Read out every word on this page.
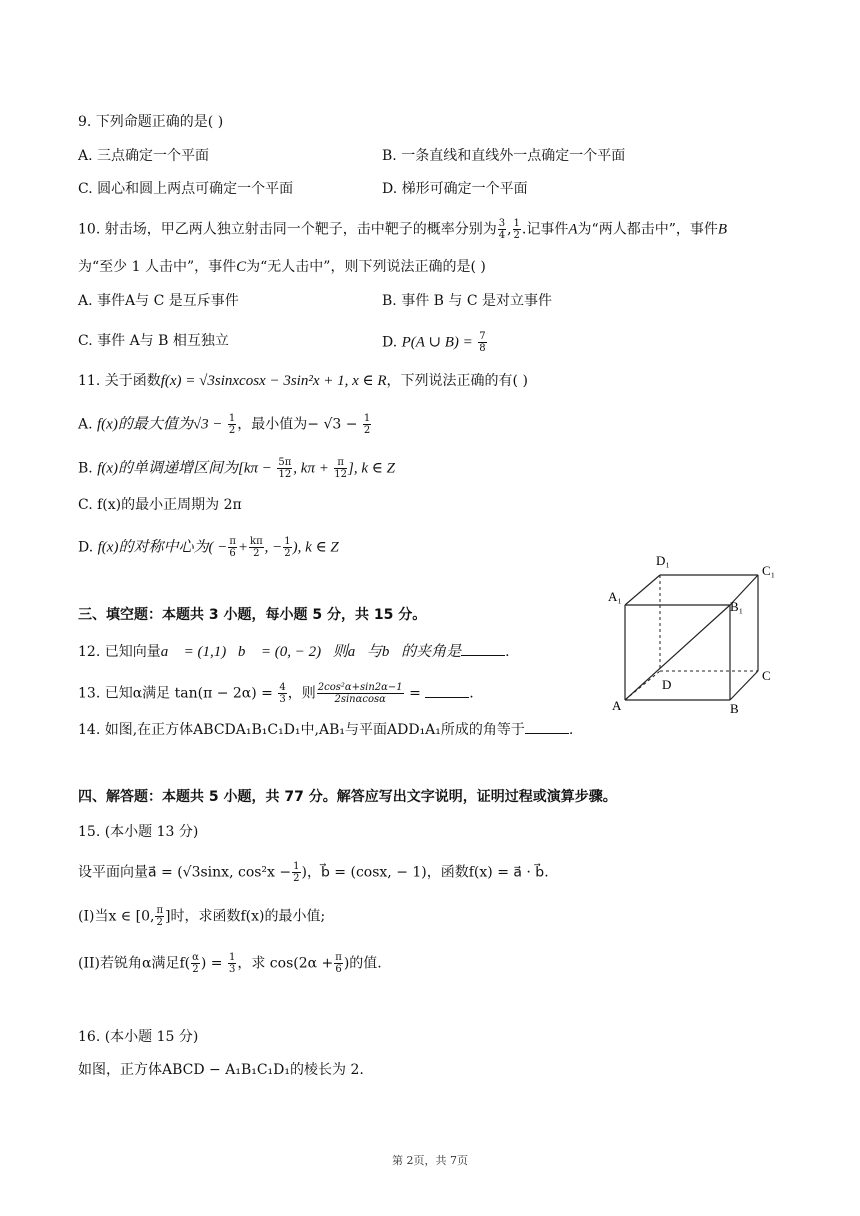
9. 下列命题正确的是( )
A. 三点确定一个平面	B. 一条直线和直线外一点确定一个平面
C. 圆心和圆上两点可确定一个平面	D. 梯形可确定一个平面
10. 射击场，甲乙两人独立射击同一个靶子，击中靶子的概率分别为 $\frac{3}{4}$ , $\frac{1}{2}$ .记事件A为“两人都击中”，事件B
为“至少 1 人击中”，事件C为“无人击中”，则下列说法正确的是( )
A. 事件A与 C 是互斥事件	B. 事件 B 与 C 是对立事件
C. 事件 A与 B 相互独立	D. P(A ∪ $B) = \frac{7}{8}$
11. 关于函数f(x) = √3sinxcosx − 3sin²x + 1, x ∈ R，下列说法正确的有( )
A. f(x)的最大值为$√3 - \frac{1}{2}$ ，最小值为− $√3 - \frac{1}{2}$
B. f(x)的单调递增区间为[$k\pi - \frac{5\pi}{12}$ , $k\pi + \frac{\pi}{12}$ ], k ∈ Z
C. f(x)的最小正周期为 2π
D. f(x)的对称中心为( − $\frac{\pi}{6} + \frac{k\pi}{2}$ , − $\frac{1}{2}$ ), k ∈ Z
D₁
C₁
A₁
B₁
D
C
A	B
三、填空题：本题共 3 小题，每小题 5 分，共 15 分。
12. 已知向量a⃗ = (1,1)，b⃗ = (0, − 2)，则a⃗与b⃗的夹角是	.
13. 已知α满足 $\tan(\pi - 2\alpha) = \frac{4}{3}$ ，则 $\frac{\text{2cos²α+sin2α−1}}{2\sin\alpha\cos\alpha}$ =	.
14. 如图,在正方体ABCDA₁B₁C₁D₁中,AB₁与平面ADD₁A₁所成的角等于	.
四、解答题：本题共 5 小题，共 77 分。解答应写出文字说明，证明过程或演算步骤。
15. (本小题 13 分)
设平面向量a⃗ = (√3sinx, $\cos^2x - \frac{1}{2}$ )，b⃗ = (cosx, − 1)，函数f(x) = a⃗ · b⃗.
(I)当x ∈ [0, $\frac{\pi}{2}$ ]时，求函数f(x)的最小值;
(II)若锐角α满足$f( \frac{\alpha}{2}$ ) = $\frac{1}{3}$ ，求 $\cos(2\alpha + \frac{\pi}{6}$ )的值.
16. (本小题 15 分)
如图，正方体ABCD − A₁B₁C₁D₁的棱长为 2.
第 2页，共 7页
